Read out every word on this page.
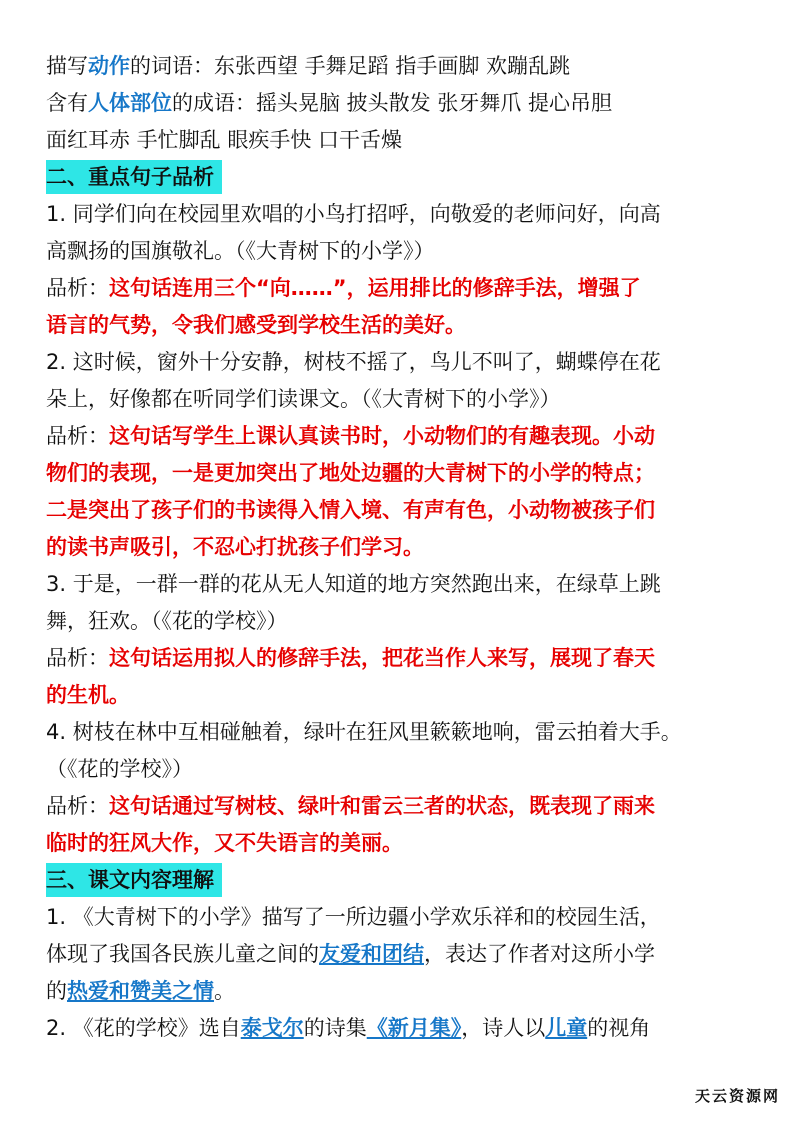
描写动作的词语：东张西望 手舞足蹈 指手画脚 欢蹦乱跳
含有人体部位的成语：摇头晃脑 披头散发 张牙舞爪 提心吊胆
面红耳赤 手忙脚乱 眼疾手快 口干舌燥
二、重点句子品析
1. 同学们向在校园里欢唱的小鸟打招呼，向敬爱的老师问好，向高
高飘扬的国旗敬礼。（《大青树下的小学》）
品析：这句话连用三个“向……”，运用排比的修辞手法，增强了
语言的气势，令我们感受到学校生活的美好。
2. 这时候，窗外十分安静，树枝不摇了，鸟儿不叫了，蝴蝶停在花
朵上，好像都在听同学们读课文。（《大青树下的小学》）
品析：这句话写学生上课认真读书时，小动物们的有趣表现。小动
物们的表现，一是更加突出了地处边疆的大青树下的小学的特点；
二是突出了孩子们的书读得入情入境、有声有色，小动物被孩子们
的读书声吸引，不忍心打扰孩子们学习。
3. 于是，一群一群的花从无人知道的地方突然跑出来，在绿草上跳
舞，狂欢。（《花的学校》）
品析：这句话运用拟人的修辞手法，把花当作人来写，展现了春天
的生机。
4. 树枝在林中互相碰触着，绿叶在狂风里簌簌地响，雷云拍着大手。
（《花的学校》）
品析：这句话通过写树枝、绿叶和雷云三者的状态，既表现了雨来
临时的狂风大作，又不失语言的美丽。
三、课文内容理解
1. 《大青树下的小学》描写了一所边疆小学欢乐祥和的校园生活，
体现了我国各民族儿童之间的友爱和团结，表达了作者对这所小学
的热爱和赞美之情。
2. 《花的学校》选自泰戈尔的诗集《新月集》，诗人以儿童的视角
天云资源网
